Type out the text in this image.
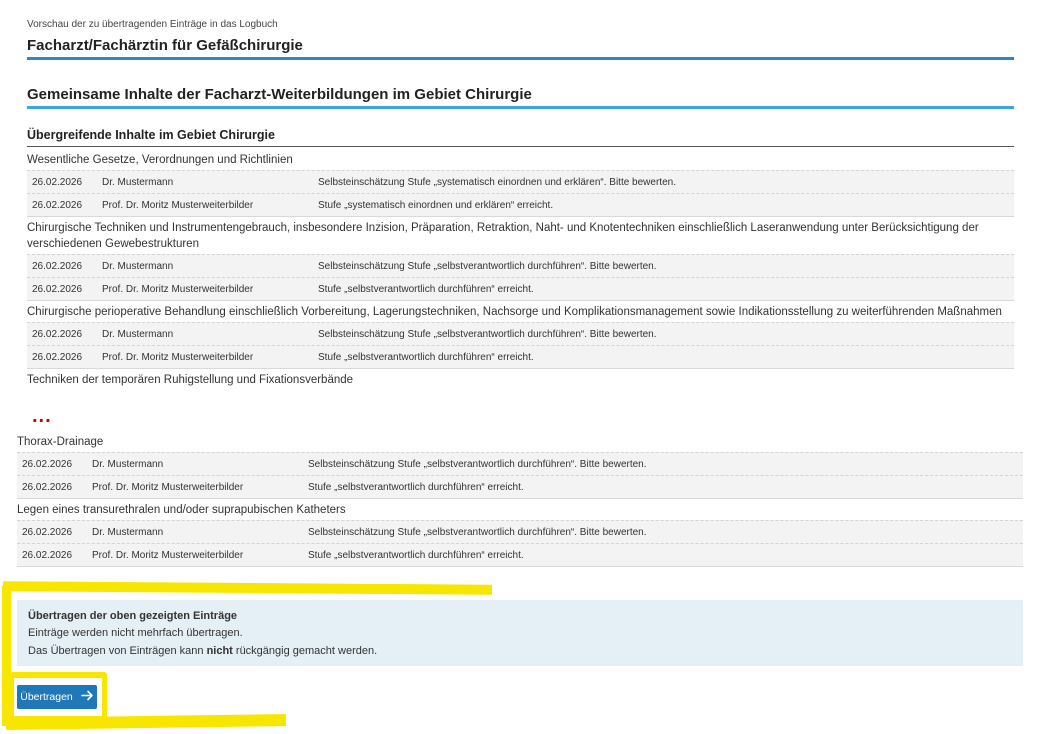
Vorschau der zu übertragenden Einträge in das Logbuch
Facharzt/Fachärztin für Gefäßchirurgie
Gemeinsame Inhalte der Facharzt-Weiterbildungen im Gebiet Chirurgie
Übergreifende Inhalte im Gebiet Chirurgie
Wesentliche Gesetze, Verordnungen und Richtlinien
26.02.2026	Dr. Mustermann	Selbsteinschätzung Stufe „systematisch einordnen und erklären“. Bitte bewerten.
26.02.2026	Prof. Dr. Moritz Musterweiterbilder	Stufe „systematisch einordnen und erklären“ erreicht.
Chirurgische Techniken und Instrumentengebrauch, insbesondere Inzision, Präparation, Retraktion, Naht- und Knotentechniken einschließlich Laseranwendung unter Berücksichtigung der verschiedenen Gewebestrukturen
26.02.2026	Dr. Mustermann	Selbsteinschätzung Stufe „selbstverantwortlich durchführen“. Bitte bewerten.
26.02.2026	Prof. Dr. Moritz Musterweiterbilder	Stufe „selbstverantwortlich durchführen“ erreicht.
Chirurgische perioperative Behandlung einschließlich Vorbereitung, Lagerungstechniken, Nachsorge und Komplikationsmanagement sowie Indikationsstellung zu weiterführenden Maßnahmen
26.02.2026	Dr. Mustermann	Selbsteinschätzung Stufe „selbstverantwortlich durchführen“. Bitte bewerten.
26.02.2026	Prof. Dr. Moritz Musterweiterbilder	Stufe „selbstverantwortlich durchführen“ erreicht.
Techniken der temporären Ruhigstellung und Fixationsverbände
...
Thorax-Drainage
26.02.2026	Dr. Mustermann	Selbsteinschätzung Stufe „selbstverantwortlich durchführen“. Bitte bewerten.
26.02.2026	Prof. Dr. Moritz Musterweiterbilder	Stufe „selbstverantwortlich durchführen“ erreicht.
Legen eines transurethralen und/oder suprapubischen Katheters
26.02.2026	Dr. Mustermann	Selbsteinschätzung Stufe „selbstverantwortlich durchführen“. Bitte bewerten.
26.02.2026	Prof. Dr. Moritz Musterweiterbilder	Stufe „selbstverantwortlich durchführen“ erreicht.
Übertragen der oben gezeigten Einträge
Einträge werden nicht mehrfach übertragen.
Das Übertragen von Einträgen kann nicht rückgängig gemacht werden.
Übertragen
